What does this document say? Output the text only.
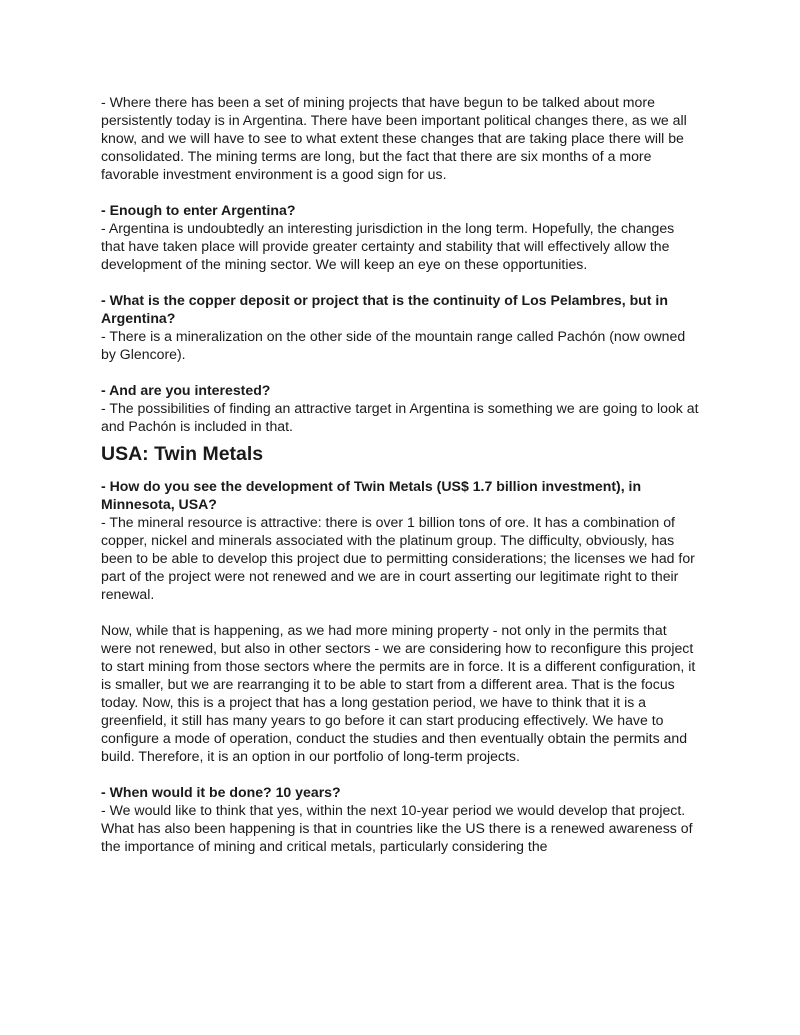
- Where there has been a set of mining projects that have begun to be talked about more persistently today is in Argentina. There have been important political changes there, as we all know, and we will have to see to what extent these changes that are taking place there will be consolidated. The mining terms are long, but the fact that there are six months of a more favorable investment environment is a good sign for us.

- Enough to enter Argentina?

- Argentina is undoubtedly an interesting jurisdiction in the long term. Hopefully, the changes that have taken place will provide greater certainty and stability that will effectively allow the development of the mining sector. We will keep an eye on these opportunities.

- What is the copper deposit or project that is the continuity of Los Pelambres, but in Argentina?

- There is a mineralization on the other side of the mountain range called Pachón (now owned by Glencore).

- And are you interested?

- The possibilities of finding an attractive target in Argentina is something we are going to look at and Pachón is included in that.

USA: Twin Metals

- How do you see the development of Twin Metals (US$ 1.7 billion investment), in Minnesota, USA?

- The mineral resource is attractive: there is over 1 billion tons of ore. It has a combination of copper, nickel and minerals associated with the platinum group. The difficulty, obviously, has been to be able to develop this project due to permitting considerations; the licenses we had for part of the project were not renewed and we are in court asserting our legitimate right to their renewal.

Now, while that is happening, as we had more mining property - not only in the permits that were not renewed, but also in other sectors - we are considering how to reconfigure this project to start mining from those sectors where the permits are in force. It is a different configuration, it is smaller, but we are rearranging it to be able to start from a different area. That is the focus today. Now, this is a project that has a long gestation period, we have to think that it is a greenfield, it still has many years to go before it can start producing effectively. We have to configure a mode of operation, conduct the studies and then eventually obtain the permits and build. Therefore, it is an option in our portfolio of long-term projects.

- When would it be done? 10 years?

- We would like to think that yes, within the next 10-year period we would develop that project.

What has also been happening is that in countries like the US there is a renewed awareness of the importance of mining and critical metals, particularly considering the
